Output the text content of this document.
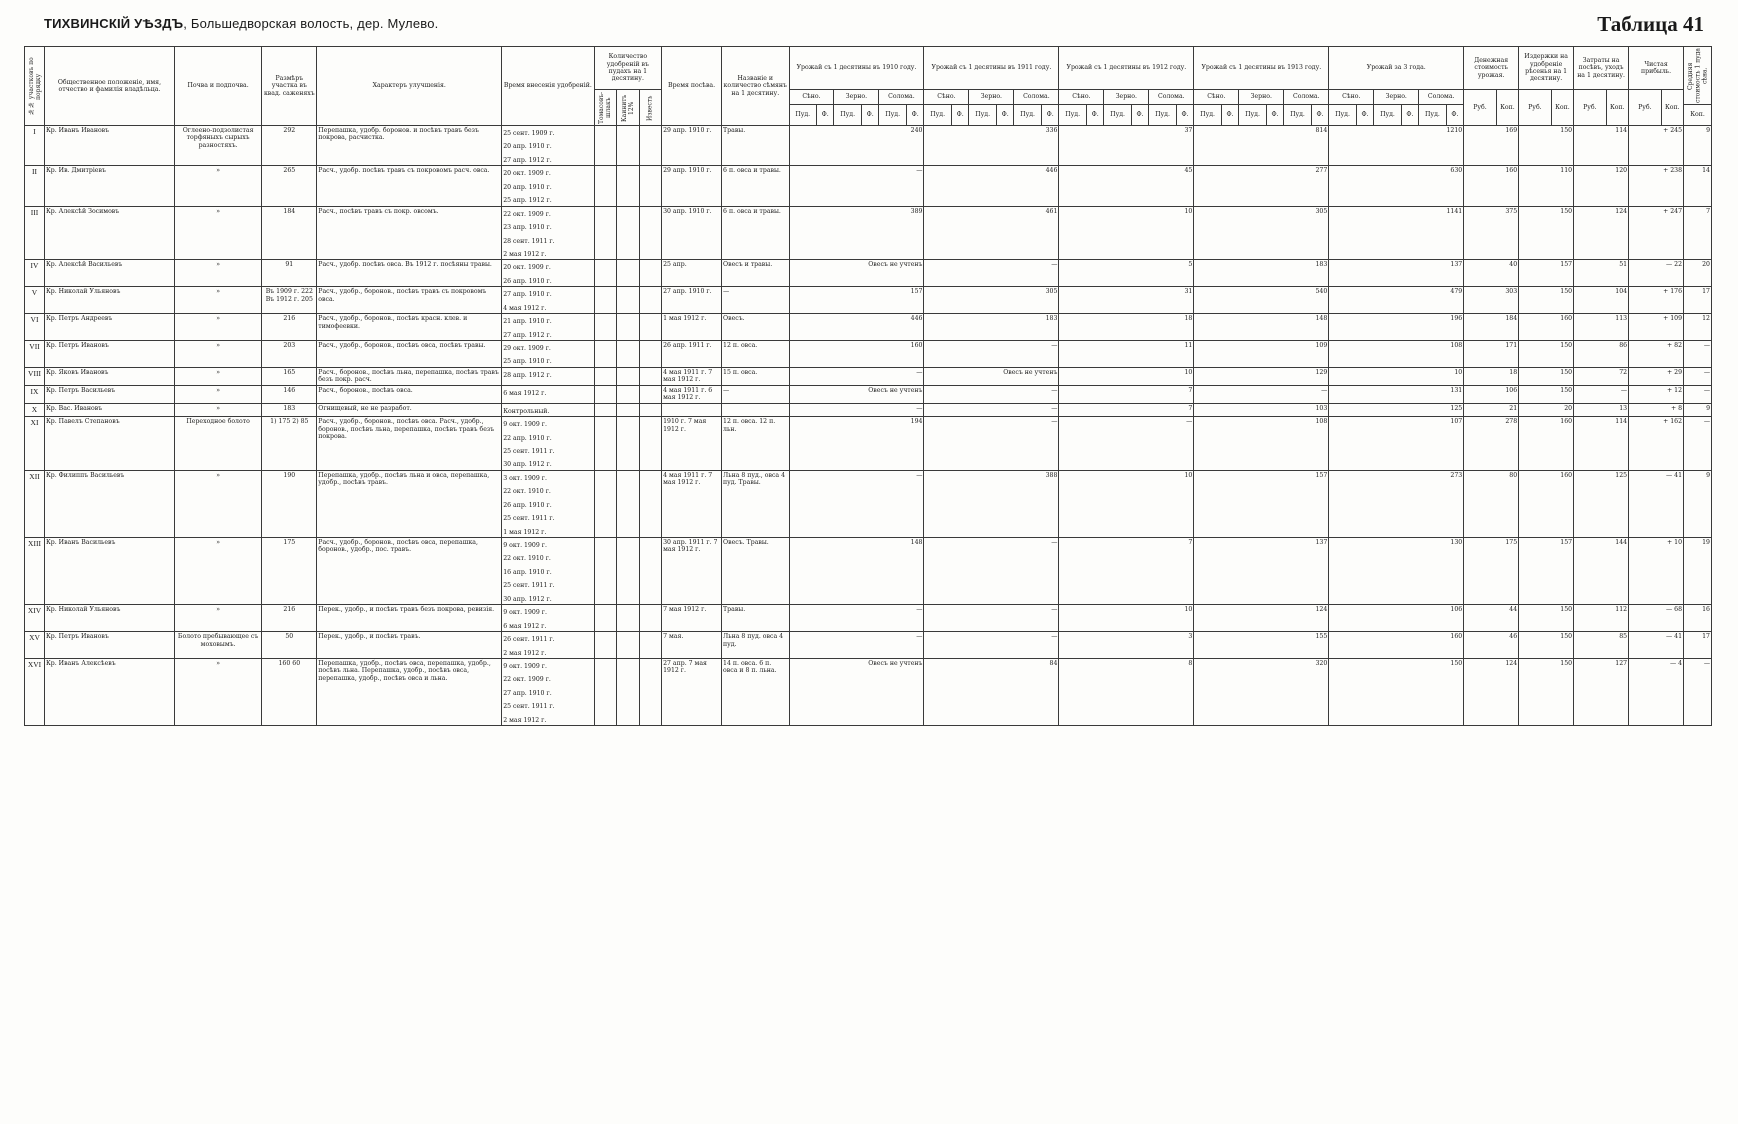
ТИХВИНСКІЙ УѢЗДЪ, Большедворская волость, дер. Мулево.	Таблица 41
№№ участковъ по порядку	Общественное положеніе, имя, отчество и фамилія владѣльца.	Почва и подпочва.	Размѣръ участка въ квад. саженяхъ	Характеръ улучшенія.	Время внесенія удобреній.	Количество удобреній въ пудахъ на 1 десятину.			Время посѣва.	Названіе и количество сѣмянъ на 1 десятину.	Урожай съ 1 десятины въ 1910 году.						Урожай съ 1 десятины въ 1911 году.						Урожай съ 1 десятины въ 1912 году.						Урожай съ 1 десятины въ 1913 году.						Урожай за 3 года.						Денежная стоимость урожая.		Издержки на удобреніе рѣсенья на 1 десятину.		Затраты на посѣвъ, уходъ на 1 десятину.		Чистая прибыль.		Средняя стоимость 1 пуда сѣна.
						Томасовъ-шлакъ	Каинитъ 12%	Известь			Сѣно.		Зерно.		Солома.		Сѣно.		Зерно.		Солома.		Сѣно.		Зерно.		Солома.		Сѣно.		Зерно.		Солома.		Сѣно.		Зерно.		Солома.		Руб.	Коп.	Руб.	Коп.	Руб.	Коп.	Руб.	Коп.	
											Пуд.	Ф.	Пуд.	Ф.	Пуд.	Ф.	Пуд.	Ф.	Пуд.	Ф.	Пуд.	Ф.	Пуд.	Ф.	Пуд.	Ф.	Пуд.	Ф.	Пуд.	Ф.	Пуд.	Ф.	Пуд.	Ф.	Пуд.	Ф.	Пуд.	Ф.	Пуд.	Ф.									Коп.
I	Кр. Иванъ Ивановъ	Оглеено-подзолистая торфяныхъ сырыхъ разностяхъ.	292	Перепашка, удобр. боронов. и посѣвъ травъ безъ покрова, расчистка.	25 сент. 1909 г.
20 апр. 1910 г.
27 апр. 1912 г.				29 апр. 1910 г.	Травы.	240						336						37						814						1210						169		150		114		+ 245		9
II	Кр. Ив. Дмитріевъ	»	265	Расч., удобр. посѣвъ травъ съ покровомъ расч. овса.	20 окт. 1909 г.
20 апр. 1910 г.
25 апр. 1912 г.				29 апр. 1910 г.	6 п. овса и травы.	—						446						45						277						630						160		110		120		+ 238		14
III	Кр. Алексѣй Зосимовъ	»	184	Расч., посѣвъ травъ съ покр. овсомъ.	22 окт. 1909 г.
23 апр. 1910 г.
28 сент. 1911 г.
2 мая 1912 г.				30 апр. 1910 г.	6 п. овса и травы.	389						461						10						305						1141						375		150		124		+ 247		7
IV	Кр. Алексѣй Васильевъ	»	91	Расч., удобр. посѣвъ овса. Въ 1912 г. посѣяны травы.	20 окт. 1909 г.
26 апр. 1910 г.				25 апр.	Овесъ и травы.	Овесъ не учтенъ						—						5						183						137						40		157		51		— 22		20
V	Кр. Николай Ульяновъ	»	Въ 1909 г. 222 Въ 1912 г. 205	Расч., удобр., боронов., посѣвъ травъ съ покровомъ овса.	27 апр. 1910 г.
4 мая 1912 г.				27 апр. 1910 г.	—	157						305						31						540						479						303		150		104		+ 176		17
VI	Кр. Петръ Андреевъ	»	216	Расч., удобр., боронов., посѣвъ красн. клев. и тимофеевки.	21 апр. 1910 г.
27 апр. 1912 г.				1 мая 1912 г.	Овесъ.	446						183						18						148						196						184		160		113		+ 109		12
VII	Кр. Петръ Ивановъ	»	203	Расч., удобр., боронов., посѣвъ овса, посѣвъ травы.	29 окт. 1909 г.
25 апр. 1910 г.				26 апр. 1911 г.	12 п. овса.	160						—						11						109						108						171		150		86		+ 82		—
VIII	Кр. Яковъ Ивановъ	»	165	Расч., боронов., посѣвъ льна, перепашка, посѣвъ травъ безъ покр. расч.	28 апр. 1912 г.				4 мая 1911 г. 7 мая 1912 г.	15 п. овса.	—						Овесъ не учтенъ						10						129						10						18		150		72		+ 29		—
IX	Кр. Петръ Васильевъ	»	146	Расч., боронов., посѣвъ овса.	6 мая 1912 г.				4 мая 1911 г. 6 мая 1912 г.	—	Овесъ не учтенъ						—						7						—						131						106		150		—		+ 12		—
X	Кр. Вас. Ивановъ	»	183	Огнищевый, не не разработ.	Контрольный.						—						—						7						103						125						21		20		13		+ 8		9
XI	Кр. Павелъ Степановъ	Переходное болото	1) 175 2) 85	Расч., удобр., боронов., посѣвъ овса. Расч., удобр., боронов., посѣвъ льна, перепашка, посѣвъ травъ безъ покрова.	9 окт. 1909 г.
22 апр. 1910 г.
25 сент. 1911 г.
30 апр. 1912 г.				1910 г. 7 мая 1912 г.	12 п. овса. 12 п. льн.	194						—						—						108						107						278		160		114		+ 162		—
XII	Кр. Филиппъ Васильевъ	»	190	Перепашка, удобр., посѣвъ льна и овса, перепашка, удобр., посѣвъ травъ.	3 окт. 1909 г.
22 окт. 1910 г.
26 апр. 1910 г.
25 сент. 1911 г.
1 мая 1912 г.				4 мая 1911 г. 7 мая 1912 г.	Льна 8 пуд., овса 4 пуд. Травы.	—						388						10						157						273						80		160		125		— 41		9
XIII	Кр. Иванъ Васильевъ	»	175	Расч., удобр., боронов., посѣвъ овса, перепашка, боронов., удобр., пос. травъ.	9 окт. 1909 г.
22 окт. 1910 г.
16 апр. 1910 г.
25 сент. 1911 г.
30 апр. 1912 г.				30 апр. 1911 г. 7 мая 1912 г.	Овесъ. Травы.	148						—						7						137						130						175		157		144		+ 10		19
XIV	Кр. Николай Ульяновъ	»	216	Перек., удобр., и посѣвъ травъ безъ покрова, ревизія.	9 окт. 1909 г.
6 мая 1912 г.				7 мая 1912 г.	Травы.	—						—						10						124						106						44		150		112		— 68		16
XV	Кр. Петръ Ивановъ	Болото пребывающее съ моховымъ.	50	Перек., удобр., и посѣвъ травъ.	26 сент. 1911 г.
2 мая 1912 г.				7 мая.	Льна 8 пуд. овса 4 пуд.	—						—						3						155						160						46		150		85		— 41		17
XVI	Кр. Иванъ Алексѣевъ	»	160 60	Перепашка, удобр., посѣвъ овса, перепашка, удобр., посѣвъ льна. Перепашка, удобр., посѣвъ овса, перепашка, удобр., посѣвъ овса и льна.	9 окт. 1909 г.
22 окт. 1909 г.
27 апр. 1910 г.
25 сент. 1911 г.
2 мая 1912 г.				27 апр. 7 мая 1912 г.	14 п. овса. 6 п. овса и 8 п. льна.	Овесъ не учтенъ						84						8						320						150						124		150		127		— 4		—
